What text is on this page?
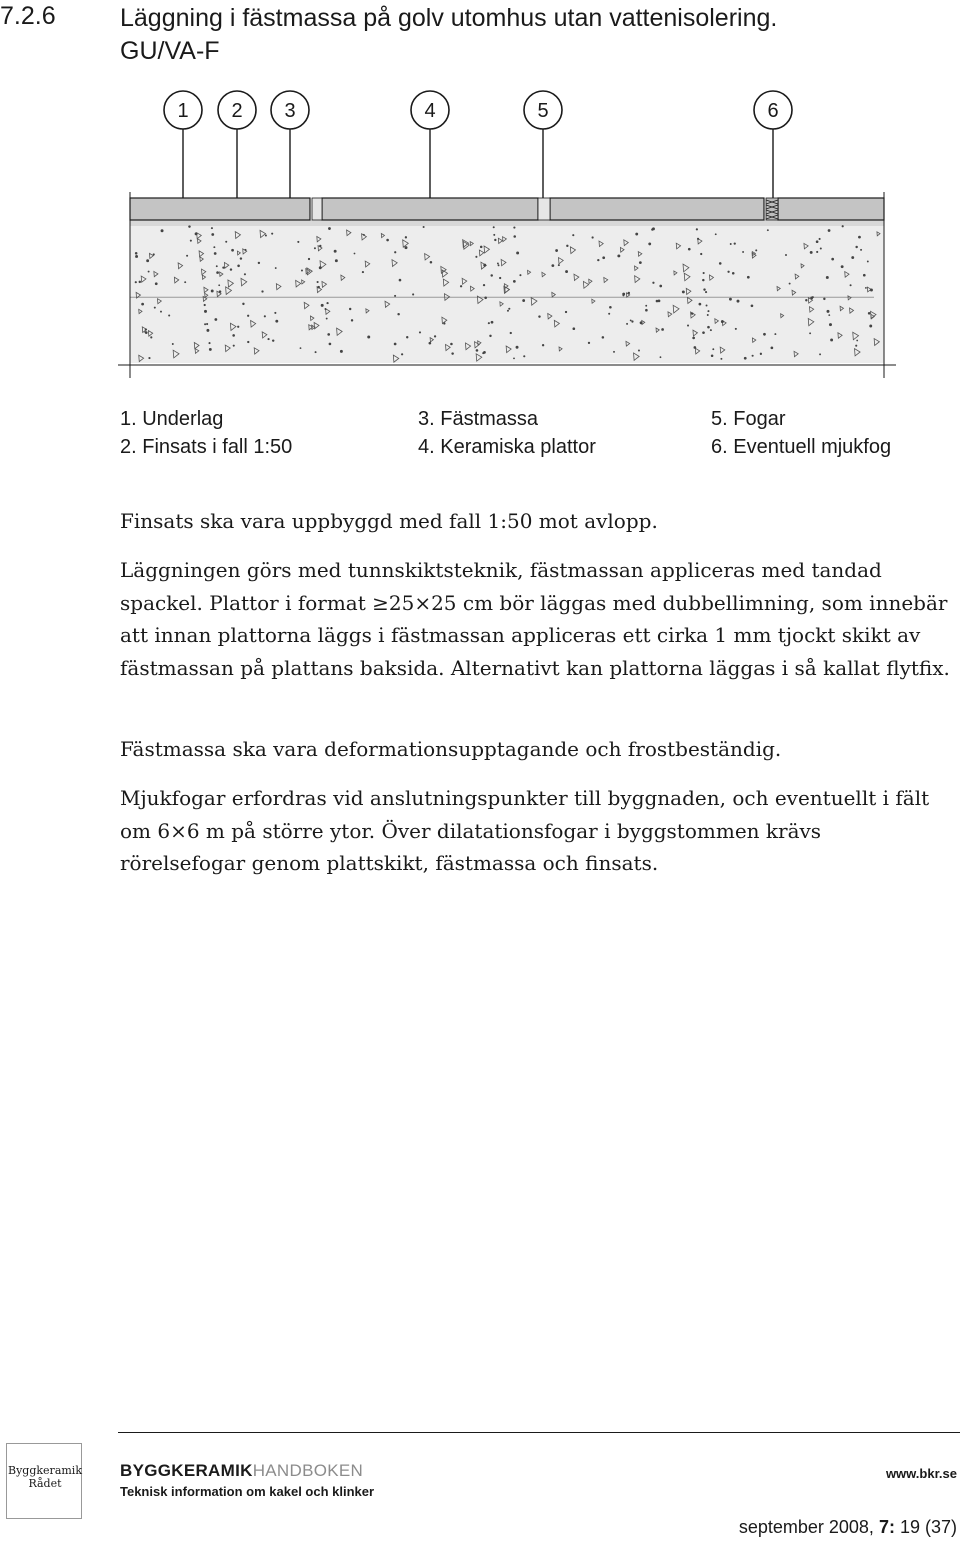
7.2.6	Läggning i fästmassa på golv utomhus utan vattenisolering.
GU/VA-F
1 2 3	4	5	6
1. Underlag
2. Finsats i fall 1:50
3. Fästmassa
4. Keramiska plattor
5. Fogar
6. Eventuell mjukfog

Finsats ska vara uppbyggd med fall 1:50 mot avlopp.

Läggningen görs med tunnskiktsteknik, fästmassan appliceras med tandad spackel. Plattor i format ≥25×25 cm bör läggas med dubbellimning, som innebär att innan plattorna läggs i fästmassan appliceras ett cirka 1 mm tjockt skikt av fästmassan på plattans baksida. Alternativt kan plattorna läggas i så kallat flytfix.

Fästmassa ska vara deformationsupptagande och frostbeständig.

Mjukfogar erfordras vid anslutningspunkter till byggnaden, och eventuellt i fält om 6×6 m på större ytor. Över dilatationsfogar i byggstommen krävs rörelsefogar genom plattskikt, fästmassa och finsats.

Byggkeramik
Rådet
BYGGKERAMIKHANDBOKEN
Teknisk information om kakel och klinker
www.bkr.se
september 2008, 7: 19 (37)
